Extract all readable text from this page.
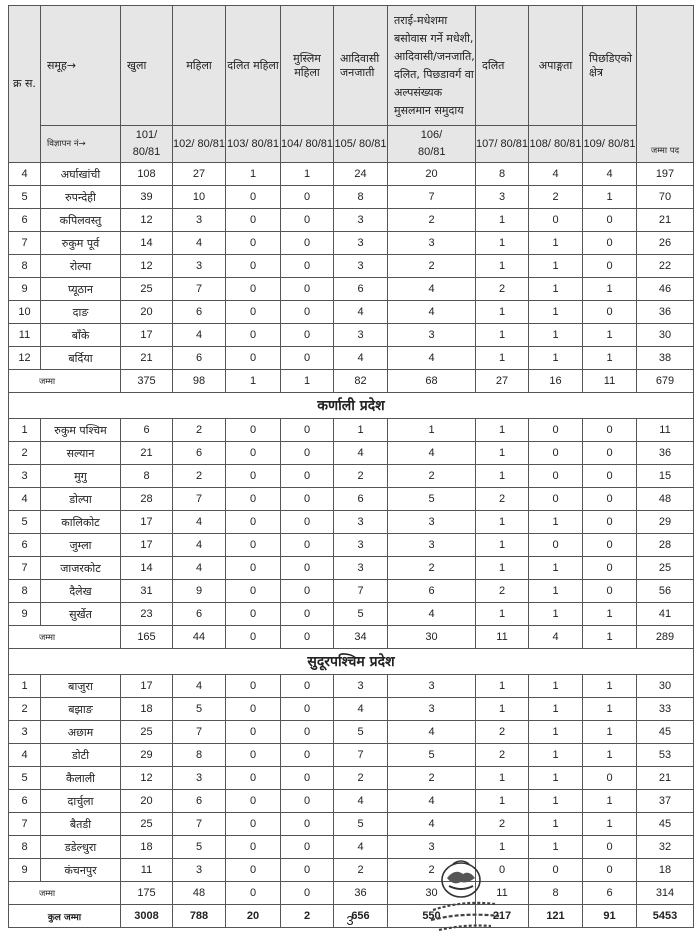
क्र स.	समूह→	खुला	महिला	दलित महिला	मुस्लिम महिला	आदिवासी जनजाती	तराई-मधेशमा बसोवास गर्ने मधेशी, आदिवासी/जनजाति, दलित, पिछडावर्ग वा अल्पसंख्यक मुसलमान समुदाय	दलित	अपाङ्गता	पिछडिएको क्षेत्र	जम्मा पद
	विज्ञापन नं→	101/ 80/81	102/ 80/81	103/ 80/81	104/ 80/81	105/ 80/81	106/ 80/81	107/ 80/81	108/ 80/81	109/ 80/81	
4	अर्घाखांची	108	27	1	1	24	20	8	4	4	197
5	रुपन्देही	39	10	0	0	8	7	3	2	1	70
6	कपिलवस्तु	12	3	0	0	3	2	1	0	0	21
7	रुकुम पूर्व	14	4	0	0	3	3	1	1	0	26
8	रोल्पा	12	3	0	0	3	2	1	1	0	22
9	प्यूठान	25	7	0	0	6	4	2	1	1	46
10	दाङ	20	6	0	0	4	4	1	1	0	36
11	बाँके	17	4	0	0	3	3	1	1	1	30
12	बर्दिया	21	6	0	0	4	4	1	1	1	38
जम्मा		375	98	1	1	82	68	27	16	11	679
कर्णाली प्रदेश											
1	रुकुम पश्चिम	6	2	0	0	1	1	1	0	0	11
2	सल्यान	21	6	0	0	4	4	1	0	0	36
3	मुगु	8	2	0	0	2	2	1	0	0	15
4	डोल्पा	28	7	0	0	6	5	2	0	0	48
5	कालिकोट	17	4	0	0	3	3	1	1	0	29
6	जुम्ला	17	4	0	0	3	3	1	0	0	28
7	जाजरकोट	14	4	0	0	3	2	1	1	0	25
8	दैलेख	31	9	0	0	7	6	2	1	0	56
9	सुर्खेत	23	6	0	0	5	4	1	1	1	41
जम्मा		165	44	0	0	34	30	11	4	1	289
सुदूरपश्चिम प्रदेश											
1	बाजुरा	17	4	0	0	3	3	1	1	1	30
2	बझाङ	18	5	0	0	4	3	1	1	1	33
3	अछाम	25	7	0	0	5	4	2	1	1	45
4	डोटी	29	8	0	0	7	5	2	1	1	53
5	कैलाली	12	3	0	0	2	2	1	1	0	21
6	दार्चुला	20	6	0	0	4	4	1	1	1	37
7	बैतडी	25	7	0	0	5	4	2	1	1	45
8	डडेल्धुरा	18	5	0	0	4	3	1	1	0	32
9	कंचनपुर	11	3	0	0	2	2	0	0	0	18
जम्मा		175	48	0	0	36	30	11	8	6	314
कुल जम्मा		3008	788	20	2	656	550	217	121	91	5453
3
